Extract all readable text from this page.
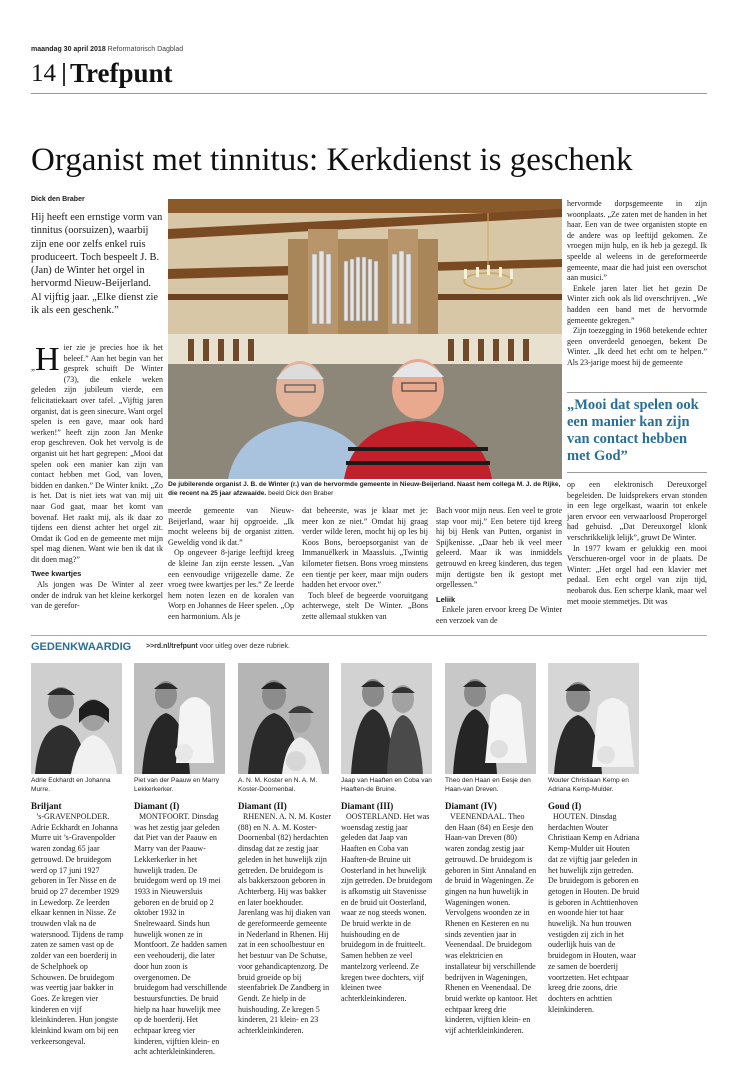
maandag 30 april 2018 Reformatorisch Dagblad
14 Trefpunt
Organist met tinnitus: Kerkdienst is geschenk
Dick den Braber
Hij heeft een ernstige vorm van tinnitus (oorsuizen), waarbij zijn ene oor zelfs enkel ruis produceert. Toch bespeelt J. B. (Jan) de Winter het orgel in hervormd Nieuw-Beijerland. Al vijftig jaar. „Elke dienst zie ik als een geschenk.”
„H ier zie je precies hoe ik het beleef.” Aan het begin van het gesprek schuift De Winter (73), die enkele weken geleden zijn jubileum vierde, een felicitatiekaart over tafel. „Vijftig jaren organist, dat is geen sinecure. Want orgel spelen is een gave, maar ook hard werken!” heeft zijn zoon Jan Menke erop geschreven. Ook het vervolg is de organist uit het hart gegrepen: „Mooi dat spelen ook een manier kan zijn van contact hebben met God, van loven, bidden en danken.” De Winter knikt. „Zo is het. Dat is niet iets wat van mij uit naar God gaat, maar het komt van bovenaf. Het raakt mij, als ik daar zo tijdens een dienst achter het orgel zit. Omdat ik God en de gemeente met mijn spel mag dienen. Want wie ben ik dat ik dit doen mag?”

Twee kwartjes

Als jongen was De Winter al zeer onder de indruk van het kleine kerkorgel van de gerefor-

De jubilerende organist J. B. de Winter (r.) van de hervormde gemeente in Nieuw-Beijerland. Naast hem collega M. J. de Rijke, die recent na 25 jaar afzwaaide. beeld Dick den Braber

meerde gemeente van Nieuw-Beijerland, waar hij opgroeide. „Ik mocht weleens bij de organist zitten. Geweldig vond ik dat.”

Op ongeveer 8-jarige leeftijd kreeg de kleine Jan zijn eerste lessen. „Van een eenvoudige vrijgezelle dame. Ze vroeg twee kwartjes per les.” Ze leerde hem noten lezen en de koralen van Worp en Johannes de Heer spelen. „Op een harmonium. Als je

dat beheerste, was je klaar met je: meer kon ze niet.” Omdat hij graag verder wilde leren, mocht hij op les bij Koos Bons, beroepsorganist van de Immanuëlkerk in Maassluis. „Twintig kilometer fietsen. Bons vroeg minstens een tientje per keer, maar mijn ouders hadden het ervoor over.”

Toch bleef de begeerde vooruitgang achterwege, stelt De Winter. „Bons zette allemaal stukken van

Bach voor mijn neus. Een veel te grote stap voor mij.” Een betere tijd kreeg hij bij Henk van Putten, organist in Spijkenisse. „Daar heb ik veel meer geleerd. Maar ik was inmiddels getrouwd en kreeg kinderen, dus tegen mijn dertigste ben ik gestopt met orgellessen.”

Leliik

Enkele jaren ervoor kreeg De Winter een verzoek van de

hervormde dorpsgemeente in zijn woonplaats. „Ze zaten met de handen in het haar. Een van de twee organisten stopte en de andere was op leeftijd gekomen. Ze vroegen mijn hulp, en ik heb ja gezegd. Ik speelde al weleens in de gereformeerde gemeente, maar die had juist een overschot aan musici.”

Enkele jaren later liet het gezin De Winter zich ook als lid overschrijven. „We hadden een band met de hervormde gemeente gekregen.”

Zijn toezegging in 1968 betekende echter geen onverdeeld genoegen, bekent De Winter. „Ik deed het echt om te helpen.” Als 23-jarige moest hij de gemeente

„Mooi dat spelen ook een manier kan zijn van contact hebben met God”

op een elektronisch Dereuxorgel begeleiden. De luidsprekers ervan stonden in een lege orgelkast, waarin tot enkele jaren ervoor een verwaarloosd Properorgel had gehuisd. „Dat Dereuxorgel klonk verschrikkelijk lelijk”, gruwt De Winter.

In 1977 kwam er gelukkig een mooi Verschueren-orgel voor in de plaats. De Winter: „Het orgel had een klavier met pedaal. Een echt orgel van zijn tijd, neobarok dus. Een scherpe klank, maar wel met mooie stemmetjes. Dit was

GEDENKWAARDIG >>rd.nl/trefpunt voor uitleg over deze rubriek.
Adrie Eckhardt en Johanna Murre.
Piet van der Paauw en Marry Lekkerkerker.
A. N. M. Koster en N. A. M. Koster-Doornenbal.
Jaap van Haaften en Coba van Haaften-de Bruine.
Theo den Haan en Eesje den Haan-van Dreven.
Wouter Christiaan Kemp en Adriana Kemp-Mulder.
Briljant	Diamant (I)	Diamant (II)	Diamant (III)	Diamant (IV)	Goud (I)

’s-GRAVENPOLDER. Adrie Eckhardt en Johanna Murre uit ’s-Gravenpolder waren zondag 65 jaar getrouwd. De bruidegom werd op 17 juni 1927 geboren in Ter Nisse en de bruid op 27 december 1929 in Lewedorp. Ze leerden elkaar kennen in Nisse. Ze trouwden vlak na de watersnood. Tijdens de ramp zaten ze samen vast op de zolder van een boerderij in de Schelphoek op Schouwen. De bruidegom was veertig jaar bakker in Goes. Ze kregen vier kinderen en vijf kleinkinderen. Hun jongste kleinkind kwam om bij een verkeersongeval.

MONTFOORT. Dinsdag was het zestig jaar geleden dat Piet van der Paauw en Marry van der Paauw-Lekkerkerker in het huwelijk traden. De bruidegom werd op 19 mei 1933 in Nieuwersluis geboren en de bruid op 2 oktober 1932 in Snelrewaard. Sinds hun huwelijk wonen ze in Montfoort. Ze hadden samen een veehouderij, die later door hun zoon is overgenomen. De bruidegom had verschillende bestuursfuncties. De bruid hielp na haar huwelijk mee op de boerderij. Het echtpaar kreeg vier kinderen, vijftien klein- en acht achterkleinkinderen.

RHENEN. A. N. M. Koster (88) en N. A. M. Koster-Doornenbal (82) herdachten dinsdag dat ze zestig jaar geleden in het huwelijk zijn getreden. De bruidegom is als bakkerszoon geboren in Achterberg. Hij was bakker en later boekhouder. Jarenlang was hij diaken van de gereformeerde gemeente in Nederland in Rhenen. Hij zat in een schoolbestuur en het bestuur van De Schutse, voor gehandicaptenzorg. De bruid groeide op bij steenfabriek De Zandberg in Gendt. Ze hielp in de huishouding. Ze kregen 5 kinderen, 21 klein- en 23 achterkleinkinderen.

OOSTERLAND. Het was woensdag zestig jaar geleden dat Jaap van Haaften en Coba van Haaften-de Bruine uit Oosterland in het huwelijk zijn getreden. De bruidegom is afkomstig uit Stavenisse en de bruid uit Oosterland, waar ze nog steeds wonen. De bruid werkte in de huishouding en de bruidegom in de fruitteelt. Samen hebben ze veel mantelzorg verleend. Ze kregen twee dochters, vijf kleinen twee achterkleinkinderen.

VEENENDAAL. Theo den Haan (84) en Eesje den Haan-van Dreven (80) waren zondag zestig jaar getrouwd. De bruidegom is geboren in Sint Annaland en de bruid in Wageningen. Ze gingen na hun huwelijk in Wageningen wonen. Vervolgens woonden ze in Rhenen en Kesteren en nu sinds zeventien jaar in Veenendaal. De bruidegom was elektricien en installateur bij verschillende bedrijven in Wageningen, Rhenen en Veenendaal. De bruid werkte op kantoor. Het echtpaar kreeg drie kinderen, vijftien klein- en vijf achterkleinkinderen.

HOUTEN. Dinsdag herdachten Wouter Christiaan Kemp en Adriana Kemp-Mulder uit Houten dat ze vijftig jaar geleden in het huwelijk zijn getreden. De bruidegom is geboren en getogen in Houten. De bruid is geboren in Achttienhoven en woonde hier tot haar huwelijk. Na hun trouwen vestigden zij zich in het ouderlijk huis van de bruidegom in Houten, waar ze samen de boerderij voortzetten. Het echtpaar kreeg drie zoons, drie dochters en achttien kleinkinderen.
